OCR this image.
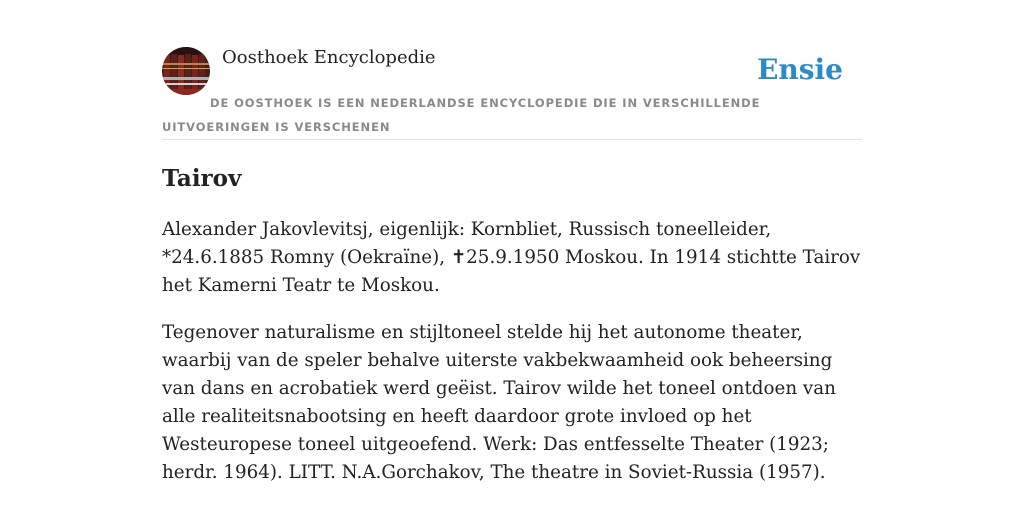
Oosthoek Encyclopedie	Ensie
DE OOSTHOEK IS EEN NEDERLANDSE ENCYCLOPEDIE DIE IN VERSCHILLENDE UITVOERINGEN IS VERSCHENEN
Tairov

Alexander Jakovlevitsj, eigenlijk: Kornbliet, Russisch toneelleider, *24.6.1885 Romny (Oekraïne), ✝25.9.1950 Moskou. In 1914 stichtte Tairov het Kamerni Teatr te Moskou.

Tegenover naturalisme en stijltoneel stelde hij het autonome theater, waarbij van de speler behalve uiterste vakbekwaamheid ook beheersing van dans en acrobatiek werd geëist. Tairov wilde het toneel ontdoen van alle realiteitsnabootsing en heeft daardoor grote invloed op het Westeuropese toneel uitgeoefend. Werk: Das entfesselte Theater (1923; herdr. 1964). LITT. N.A.Gorchakov, The theatre in Soviet-Russia (1957).
